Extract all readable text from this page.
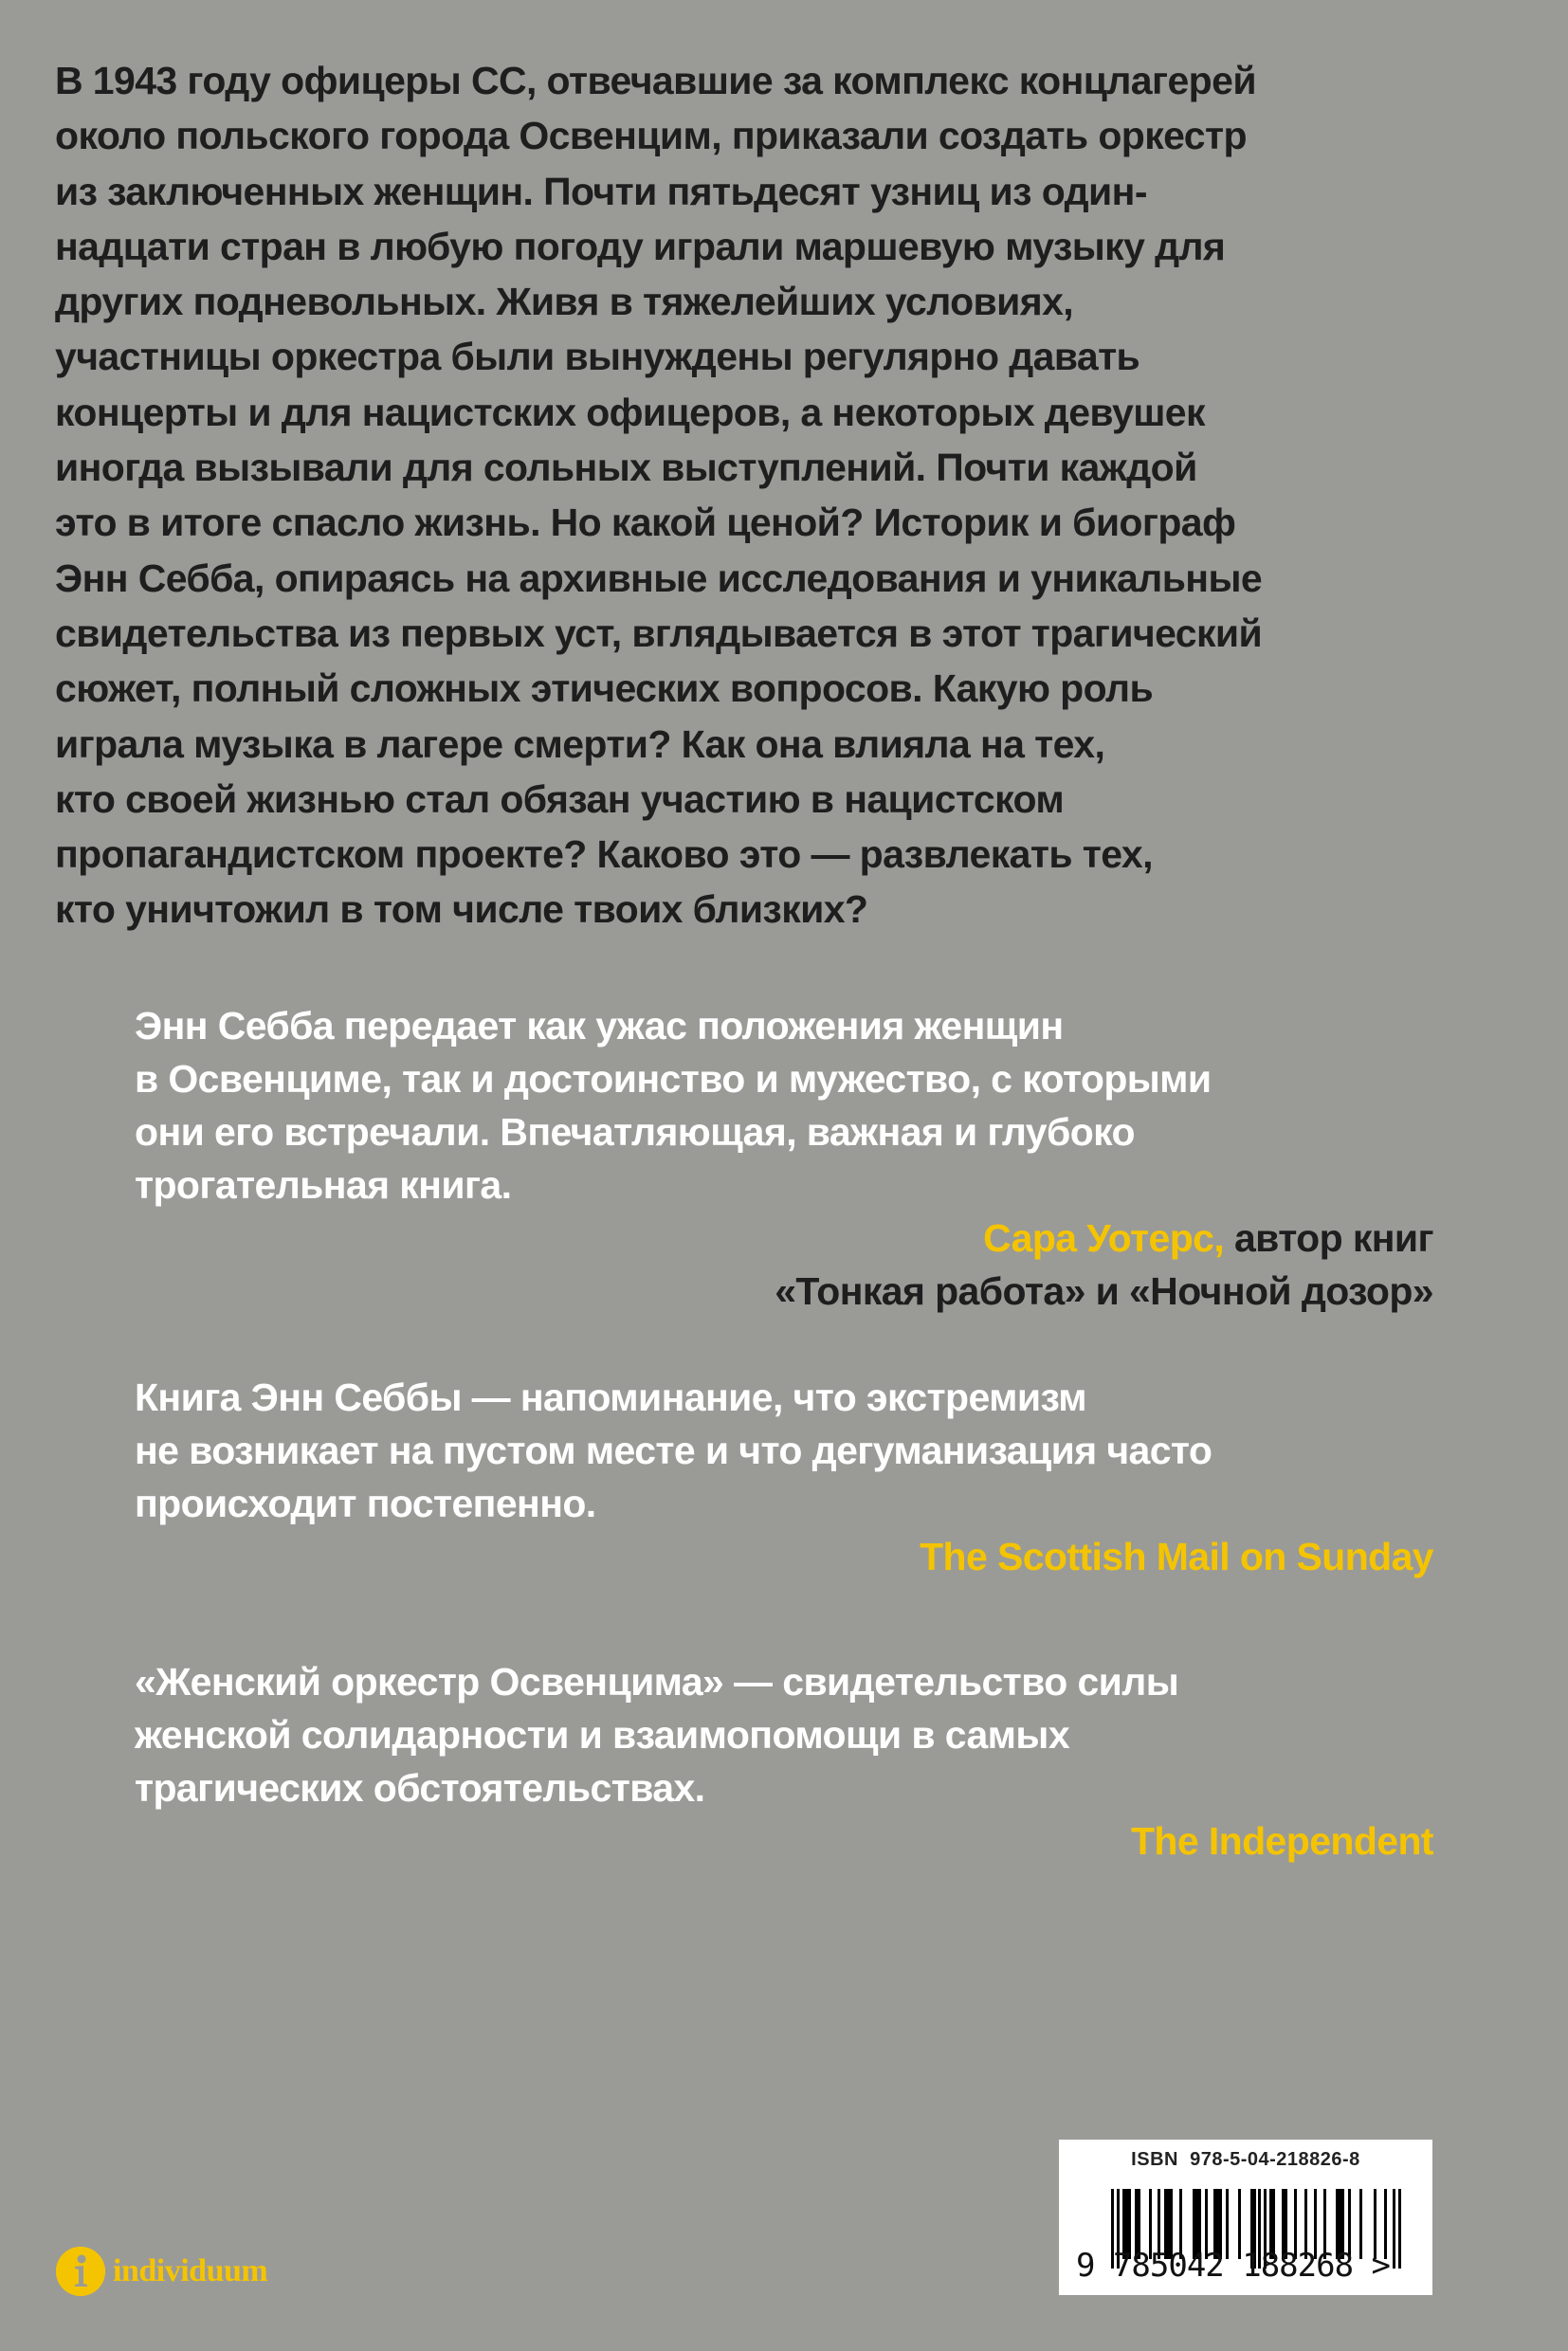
В 1943 году офицеры СС, отвечавшие за комплекс концлагерей
около польского города Освенцим, приказали создать оркестр
из заключенных женщин. Почти пятьдесят узниц из один-
надцати стран в любую погоду играли маршевую музыку для
других подневольных. Живя в тяжелейших условиях,
участницы оркестра были вынуждены регулярно давать
концерты и для нацистских офицеров, а некоторых девушек
иногда вызывали для сольных выступлений. Почти каждой
это в итоге спасло жизнь. Но какой ценой? Историк и биограф
Энн Себба, опираясь на архивные исследования и уникальные
свидетельства из первых уст, вглядывается в этот трагический
сюжет, полный сложных этических вопросов. Какую роль
играла музыка в лагере смерти? Как она влияла на тех,
кто своей жизнью стал обязан участию в нацистском
пропагандистском проекте? Каково это — развлекать тех,
кто уничтожил в том числе твоих близких?
Энн Себба передает как ужас положения женщин
в Освенциме, так и достоинство и мужество, с которыми
они его встречали. Впечатляющая, важная и глубоко
трогательная книга.
Сара Уотерс, автор книг
«Тонкая работа» и «Ночной дозор»
Книга Энн Себбы — напоминание, что экстремизм
не возникает на пустом месте и что дегуманизация часто
происходит постепенно.
The Scottish Mail on Sunday
«Женский оркестр Освенцима» — свидетельство силы
женской солидарности и взаимопомощи в самых
трагических обстоятельствах.
The Independent
individuum
ISBN  978-5-04-218826-8
9 785042 188268 >
